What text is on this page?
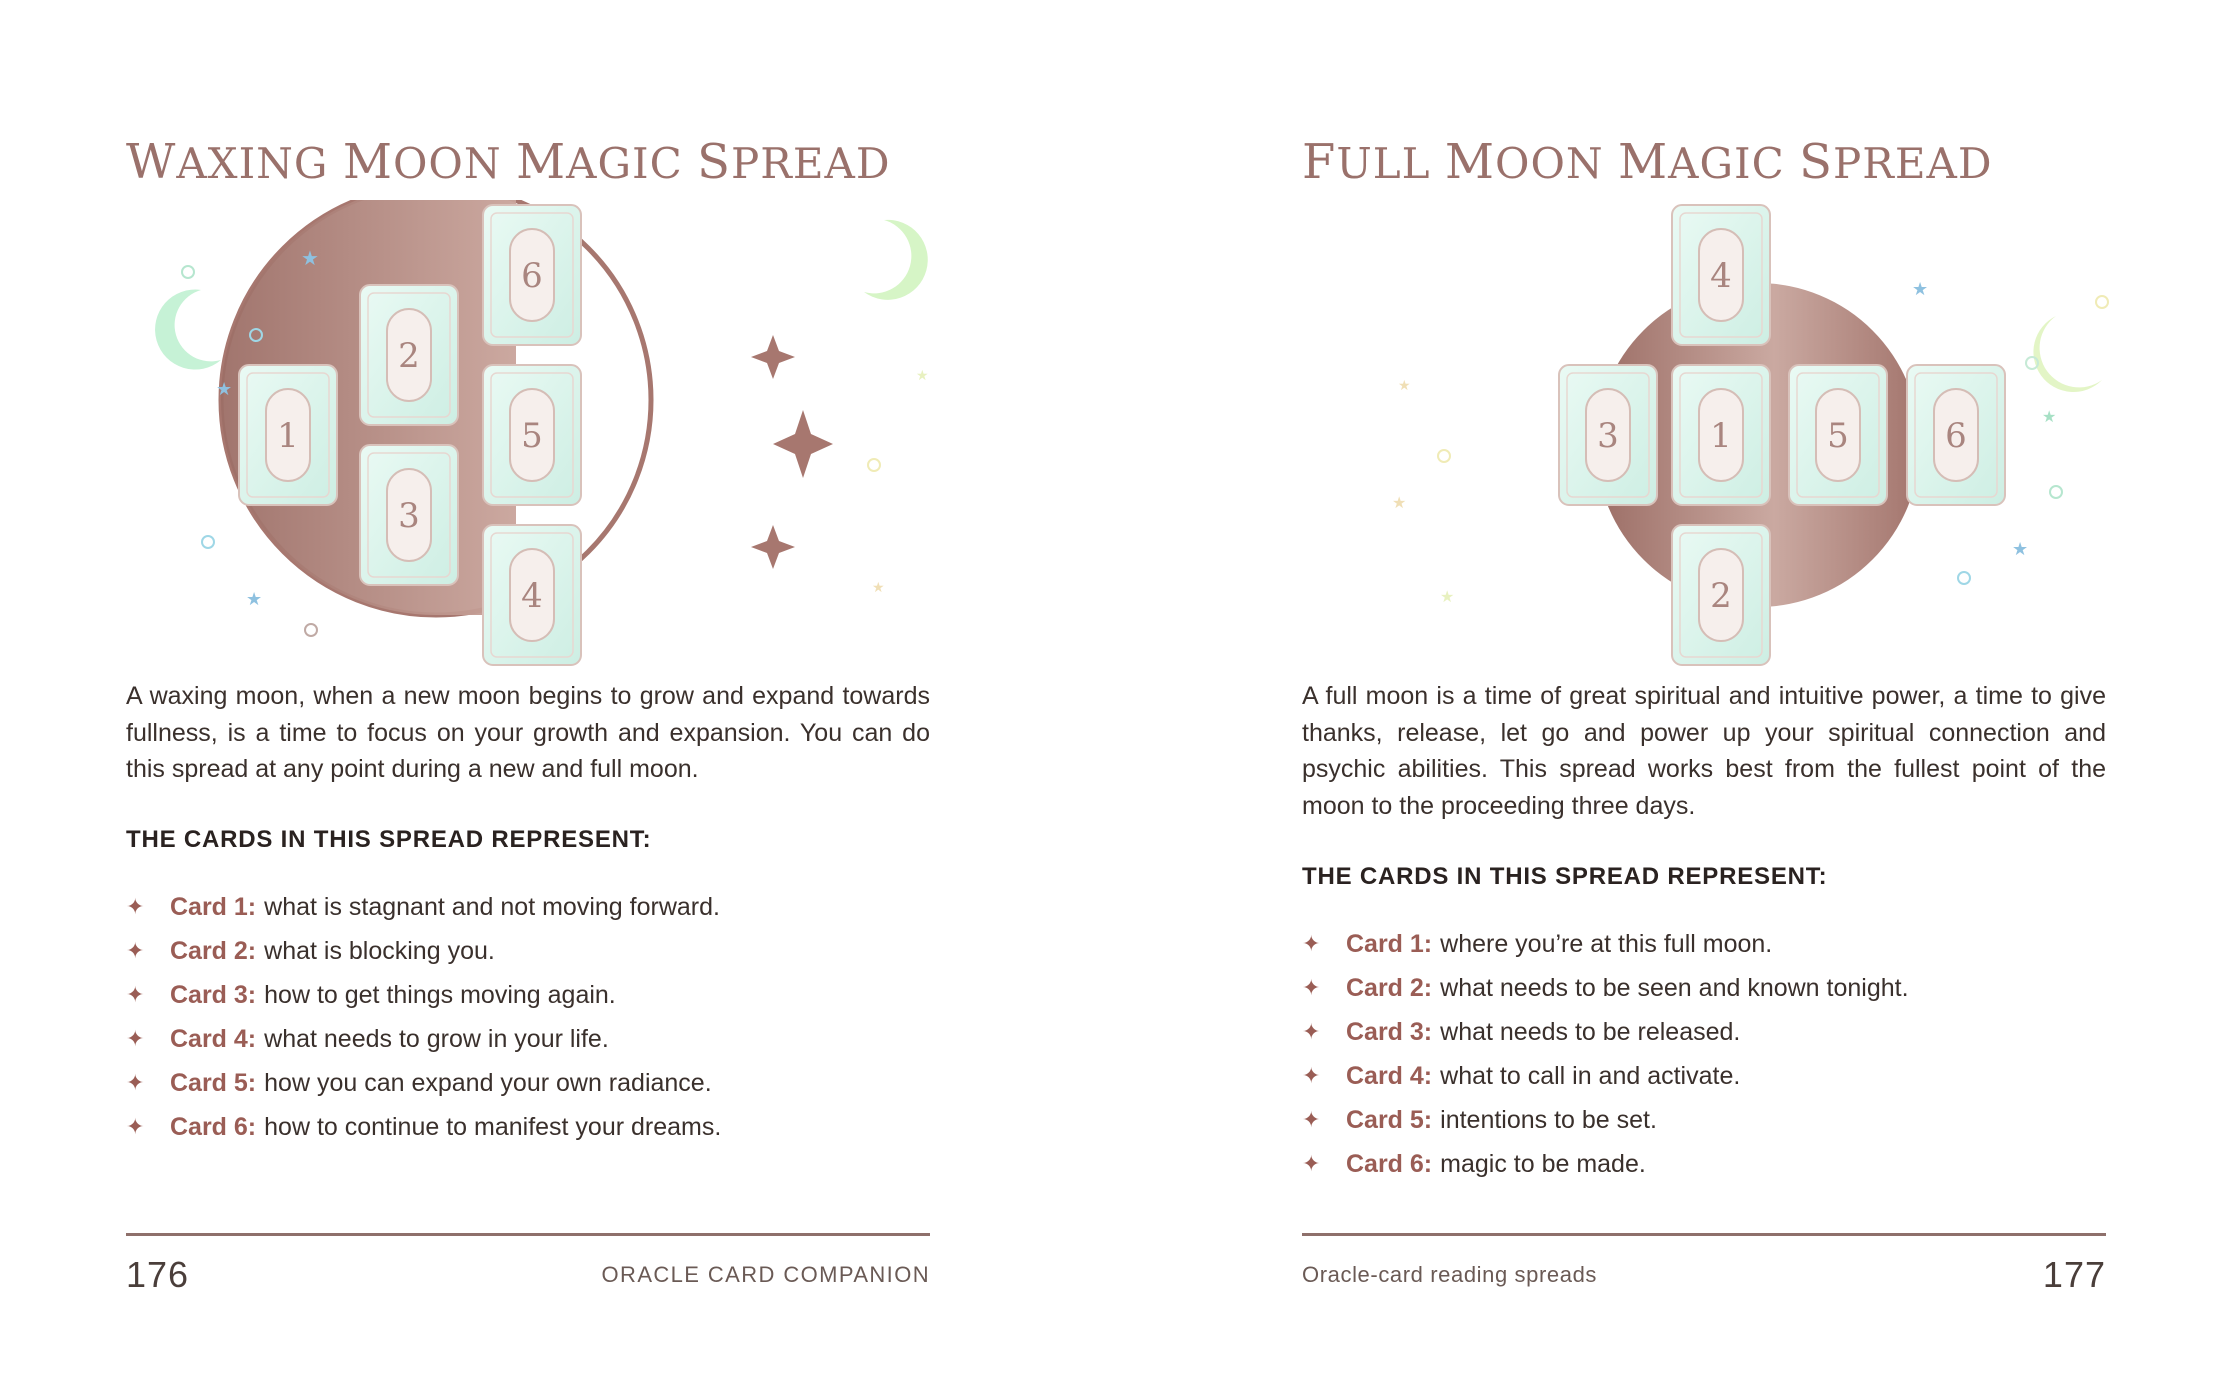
WAXING MOON MAGIC SPREAD
★
★
★
★
★
1
2
3
4
5
6

A waxing moon, when a new moon begins to grow and expand towards fullness, is a time to focus on your growth and expansion. You can do this spread at any point during a new and full moon.

THE CARDS IN THIS SPREAD REPRESENT:
✦	Card 1: what is stagnant and not moving forward.
✦	Card 2: what is blocking you.
✦	Card 3: how to get things moving again.
✦	Card 4: what needs to grow in your life.
✦	Card 5: how you can expand your own radiance.
✦	Card 6: how to continue to manifest your dreams.
176	ORACLE CARD COMPANION
FULL MOON MAGIC SPREAD
★
★
★
★
★
★
1
2
3
4
5	6

A full moon is a time of great spiritual and intuitive power, a time to give thanks, release, let go and power up your spiritual connection and psychic abilities. This spread works best from the fullest point of the moon to the proceeding three days.

THE CARDS IN THIS SPREAD REPRESENT:
✦	Card 1: where you’re at this full moon.
✦	Card 2: what needs to be seen and known tonight.
✦	Card 3: what needs to be released.
✦	Card 4: what to call in and activate.
✦	Card 5: intentions to be set.
✦	Card 6: magic to be made.
Oracle-card reading spreads	177
